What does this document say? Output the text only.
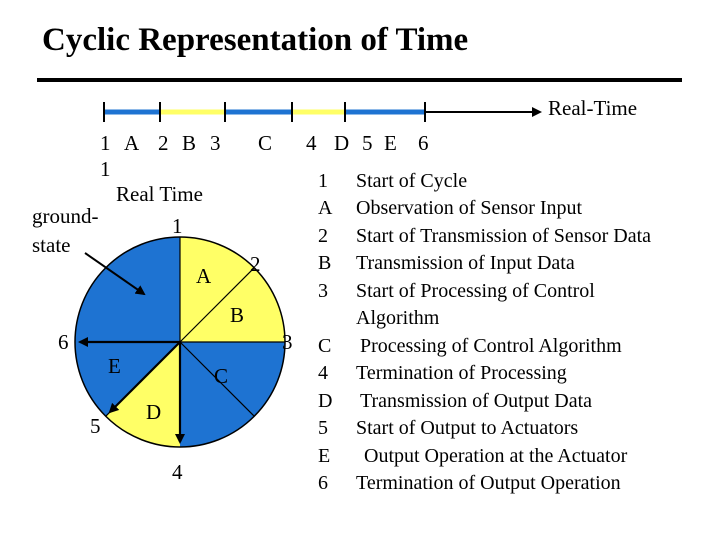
Cyclic Representation of Time
Real-Time
1 A 2 B 3 C 4 D 5 E 6
1
Real Time
ground-
state
1
2
3
4
5
6
A
B
C
D
E
1 Start of Cycle
A Observation of Sensor Input
2 Start of Transmission of Sensor Data
B Transmission of Input Data
3 Start of Processing of Control
Algorithm
C Processing of Control Algorithm
4 Termination of Processing
D Transmission of Output Data
5 Start of Output to Actuators
E Output Operation at the Actuator
6 Termination of Output Operation
